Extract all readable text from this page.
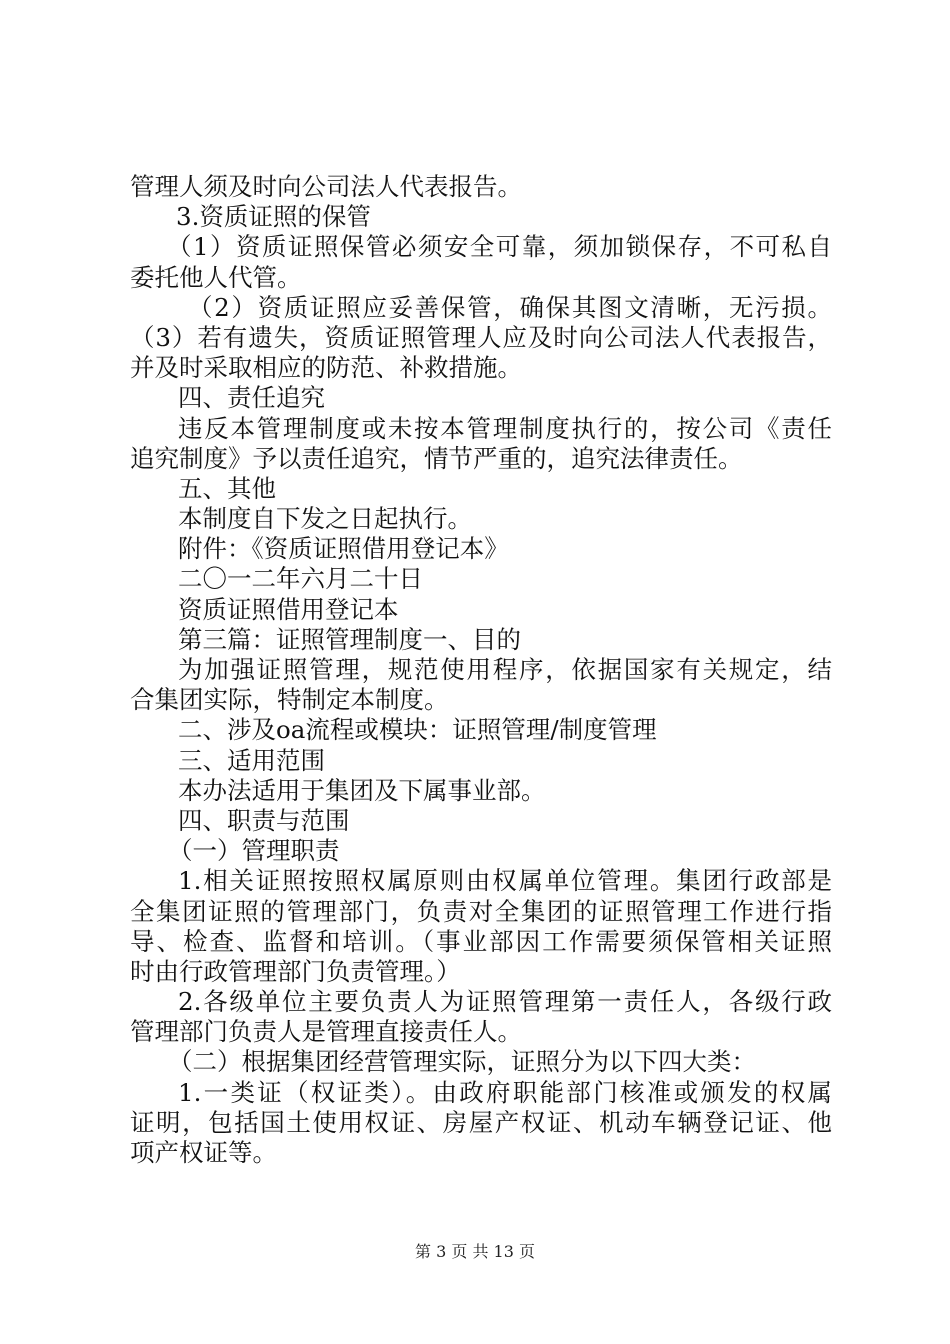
管理人须及时向公司法人代表报告。
3.资质证照的保管
（1）资质证照保管必须安全可靠，须加锁保存，不可私自
委托他人代管。
（2）资质证照应妥善保管，确保其图文清晰，无污损。
（3）若有遗失，资质证照管理人应及时向公司法人代表报告，
并及时采取相应的防范、补救措施。
四、责任追究
违反本管理制度或未按本管理制度执行的，按公司《责任
追究制度》予以责任追究，情节严重的，追究法律责任。
五、其他
本制度自下发之日起执行。
附件：《资质证照借用登记本》
二〇一二年六月二十日
资质证照借用登记本
第三篇：证照管理制度一、目的
为加强证照管理，规范使用程序，依据国家有关规定，结
合集团实际，特制定本制度。
二、涉及oa流程或模块：证照管理/制度管理
三、适用范围
本办法适用于集团及下属事业部。
四、职责与范围
（一）管理职责
1.相关证照按照权属原则由权属单位管理。集团行政部是
全集团证照的管理部门，负责对全集团的证照管理工作进行指
导、检查、监督和培训。（事业部因工作需要须保管相关证照
时由行政管理部门负责管理。）
2.各级单位主要负责人为证照管理第一责任人，各级行政
管理部门负责人是管理直接责任人。
（二）根据集团经营管理实际，证照分为以下四大类：
1.一类证（权证类）。由政府职能部门核准或颁发的权属
证明，包括国土使用权证、房屋产权证、机动车辆登记证、他
项产权证等。
第 3 页 共 13 页
